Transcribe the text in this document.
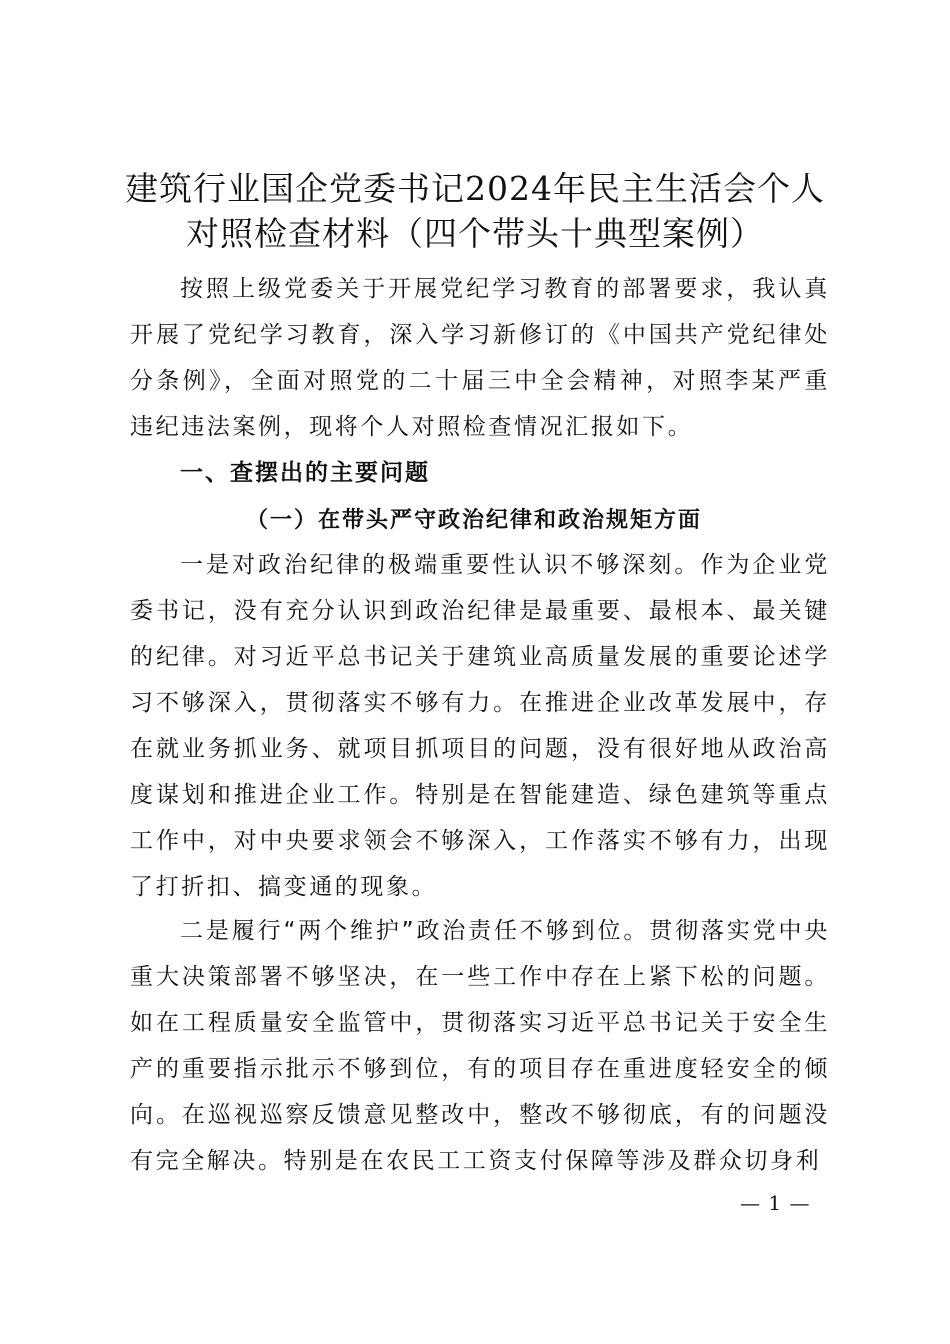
建筑行业国企党委书记2024年民主生活会个人对照检查材料（四个带头十典型案例）

按照上级党委关于开展党纪学习教育的部署要求，我认真开展了党纪学习教育，深入学习新修订的《中国共产党纪律处分条例》，全面对照党的二十届三中全会精神，对照李某严重违纪违法案例，现将个人对照检查情况汇报如下。

一、查摆出的主要问题
（一）在带头严守政治纪律和政治规矩方面

一是对政治纪律的极端重要性认识不够深刻。作为企业党委书记，没有充分认识到政治纪律是最重要、最根本、最关键的纪律。对习近平总书记关于建筑业高质量发展的重要论述学习不够深入，贯彻落实不够有力。在推进企业改革发展中，存在就业务抓业务、就项目抓项目的问题，没有很好地从政治高度谋划和推进企业工作。特别是在智能建造、绿色建筑等重点工作中，对中央要求领会不够深入，工作落实不够有力，出现了打折扣、搞变通的现象。

二是履行“两个维护”政治责任不够到位。贯彻落实党中央重大决策部署不够坚决，在一些工作中存在上紧下松的问题。如在工程质量安全监管中，贯彻落实习近平总书记关于安全生产的重要指示批示不够到位，有的项目存在重进度轻安全的倾向。在巡视巡察反馈意见整改中，整改不够彻底，有的问题没有完全解决。特别是在农民工工资支付保障等涉及群众切身利

— 1 —
